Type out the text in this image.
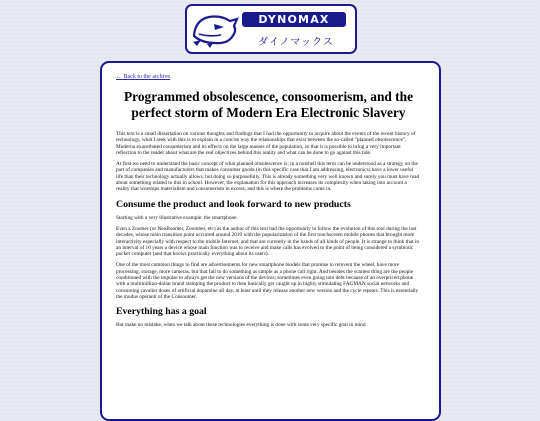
DYNOMAX
ダイノマックス
← Back to the archive
Programmed obsolescence, consoomerism, and the perfect storm of Modern Era Electronic Slavery

This text is a small dissertation on various thoughts and findings that I had the opportunity to acquire about the events of the recent history of technology, what I seek with this is to explain in a concise way the relationships that exist between the so-called "planned obsolescence", Moderna exacerbated consumerism and its effects on the large masses of the population, so that it is possible to bring a very important reflection to the reader about what are the real objectives behind this reality and what can be done to go against this tide.

At first we need to understand the basic concept of what planned obsolescence is; in a nutshell this term can be understood as a strategy on the part of companies and manufacturers that makes consumer goods (in this specific case that I am addressing, electronics) have a lower useful life than their technology actually allows, but doing so purposefully. This is already something very well known and surely you must have read about something related to this in school. However, the explanation for this approach increases its complexity when taking into account a reality that worships materialism and consumerism in excess, and this is where the problems come in.

Consume the product and look forward to new products

Starting with a very illustrative example: the smartphone.

Even a Zoomer (or NeoBoomer, Zoomber, etc) as the author of this text had the opportunity to follow the evolution of this tool during the last decades, whose main transition point occurred around 2010 with the popularization of the first touchscreen mobile phones that brought more interactivity especially with respect to the mobile Internet, and that are currently in the hands of all kinds of people. It is strange to think that in an interval of 10 years a device whose main function was to receive and make calls has evolved to the point of being considered a symbiotic pocket computer (and that knows practically everything about its users).

One of the most common things to find are advertisements for new smartphone models that promise to reinvent the wheel, have more processing, storage, more cameras, but that fail to do something as simple as a phone call right. And besides the scariest thing are the people conditioned with the impulse to always get the new versions of the devices; sometimes even going into debt because of an overpriced phone with a multimillion-dollar brand stamping the product to then basically get caught up in highly stimulating FAGMAN social networks and consuming cavalier doses of artificial dopamine all day, at least until they release another new version and the cycle repeats. This is essentially the modus operanti of the Consoomer.

Everything has a goal

But make no mistake, when we talk about these technologies everything is done with some very specific goal in mind
